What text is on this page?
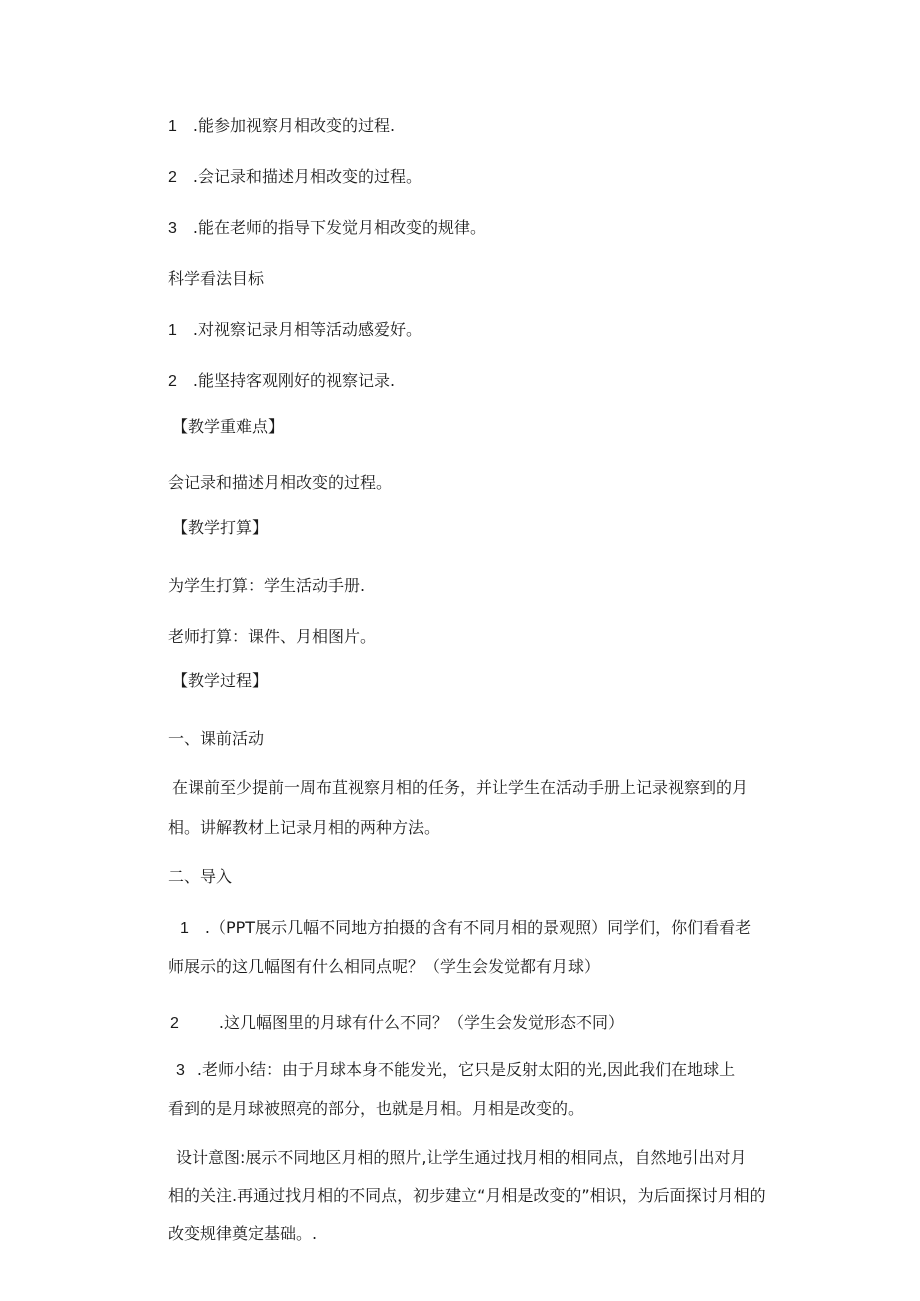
1 .能参加视察月相改变的过程.
2 .会记录和描述月相改变的过程。
3 .能在老师的指导下发觉月相改变的规律。
科学看法目标
1 .对视察记录月相等活动感爱好。
2 .能坚持客观刚好的视察记录.
【教学重难点】
会记录和描述月相改变的过程。
【教学打算】
为学生打算：学生活动手册.
老师打算：课件、月相图片。
【教学过程】
一、课前活动
在课前至少提前一周布苴视察月相的任务，并让学生在活动手册上记录视察到的月
相。讲解教材上记录月相的两种方法。
二、导入
1 .（PPT展示几幅不同地方拍摄的含有不同月相的景观照）同学们，你们看看老
师展示的这几幅图有什么相同点呢？（学生会发觉都有月球）
2	.这几幅图里的月球有什么不同？（学生会发觉形态不同）
3 .老师小结：由于月球本身不能发光，它只是反射太阳的光,因此我们在地球上
看到的是月球被照亮的部分，也就是月相。月相是改变的。
设计意图:展示不同地区月相的照片,让学生通过找月相的相同点，自然地引出对月
相的关注.再通过找月相的不同点，初步建立“月相是改变的”相识，为后面探讨月相的
改变规律奠定基础。.
